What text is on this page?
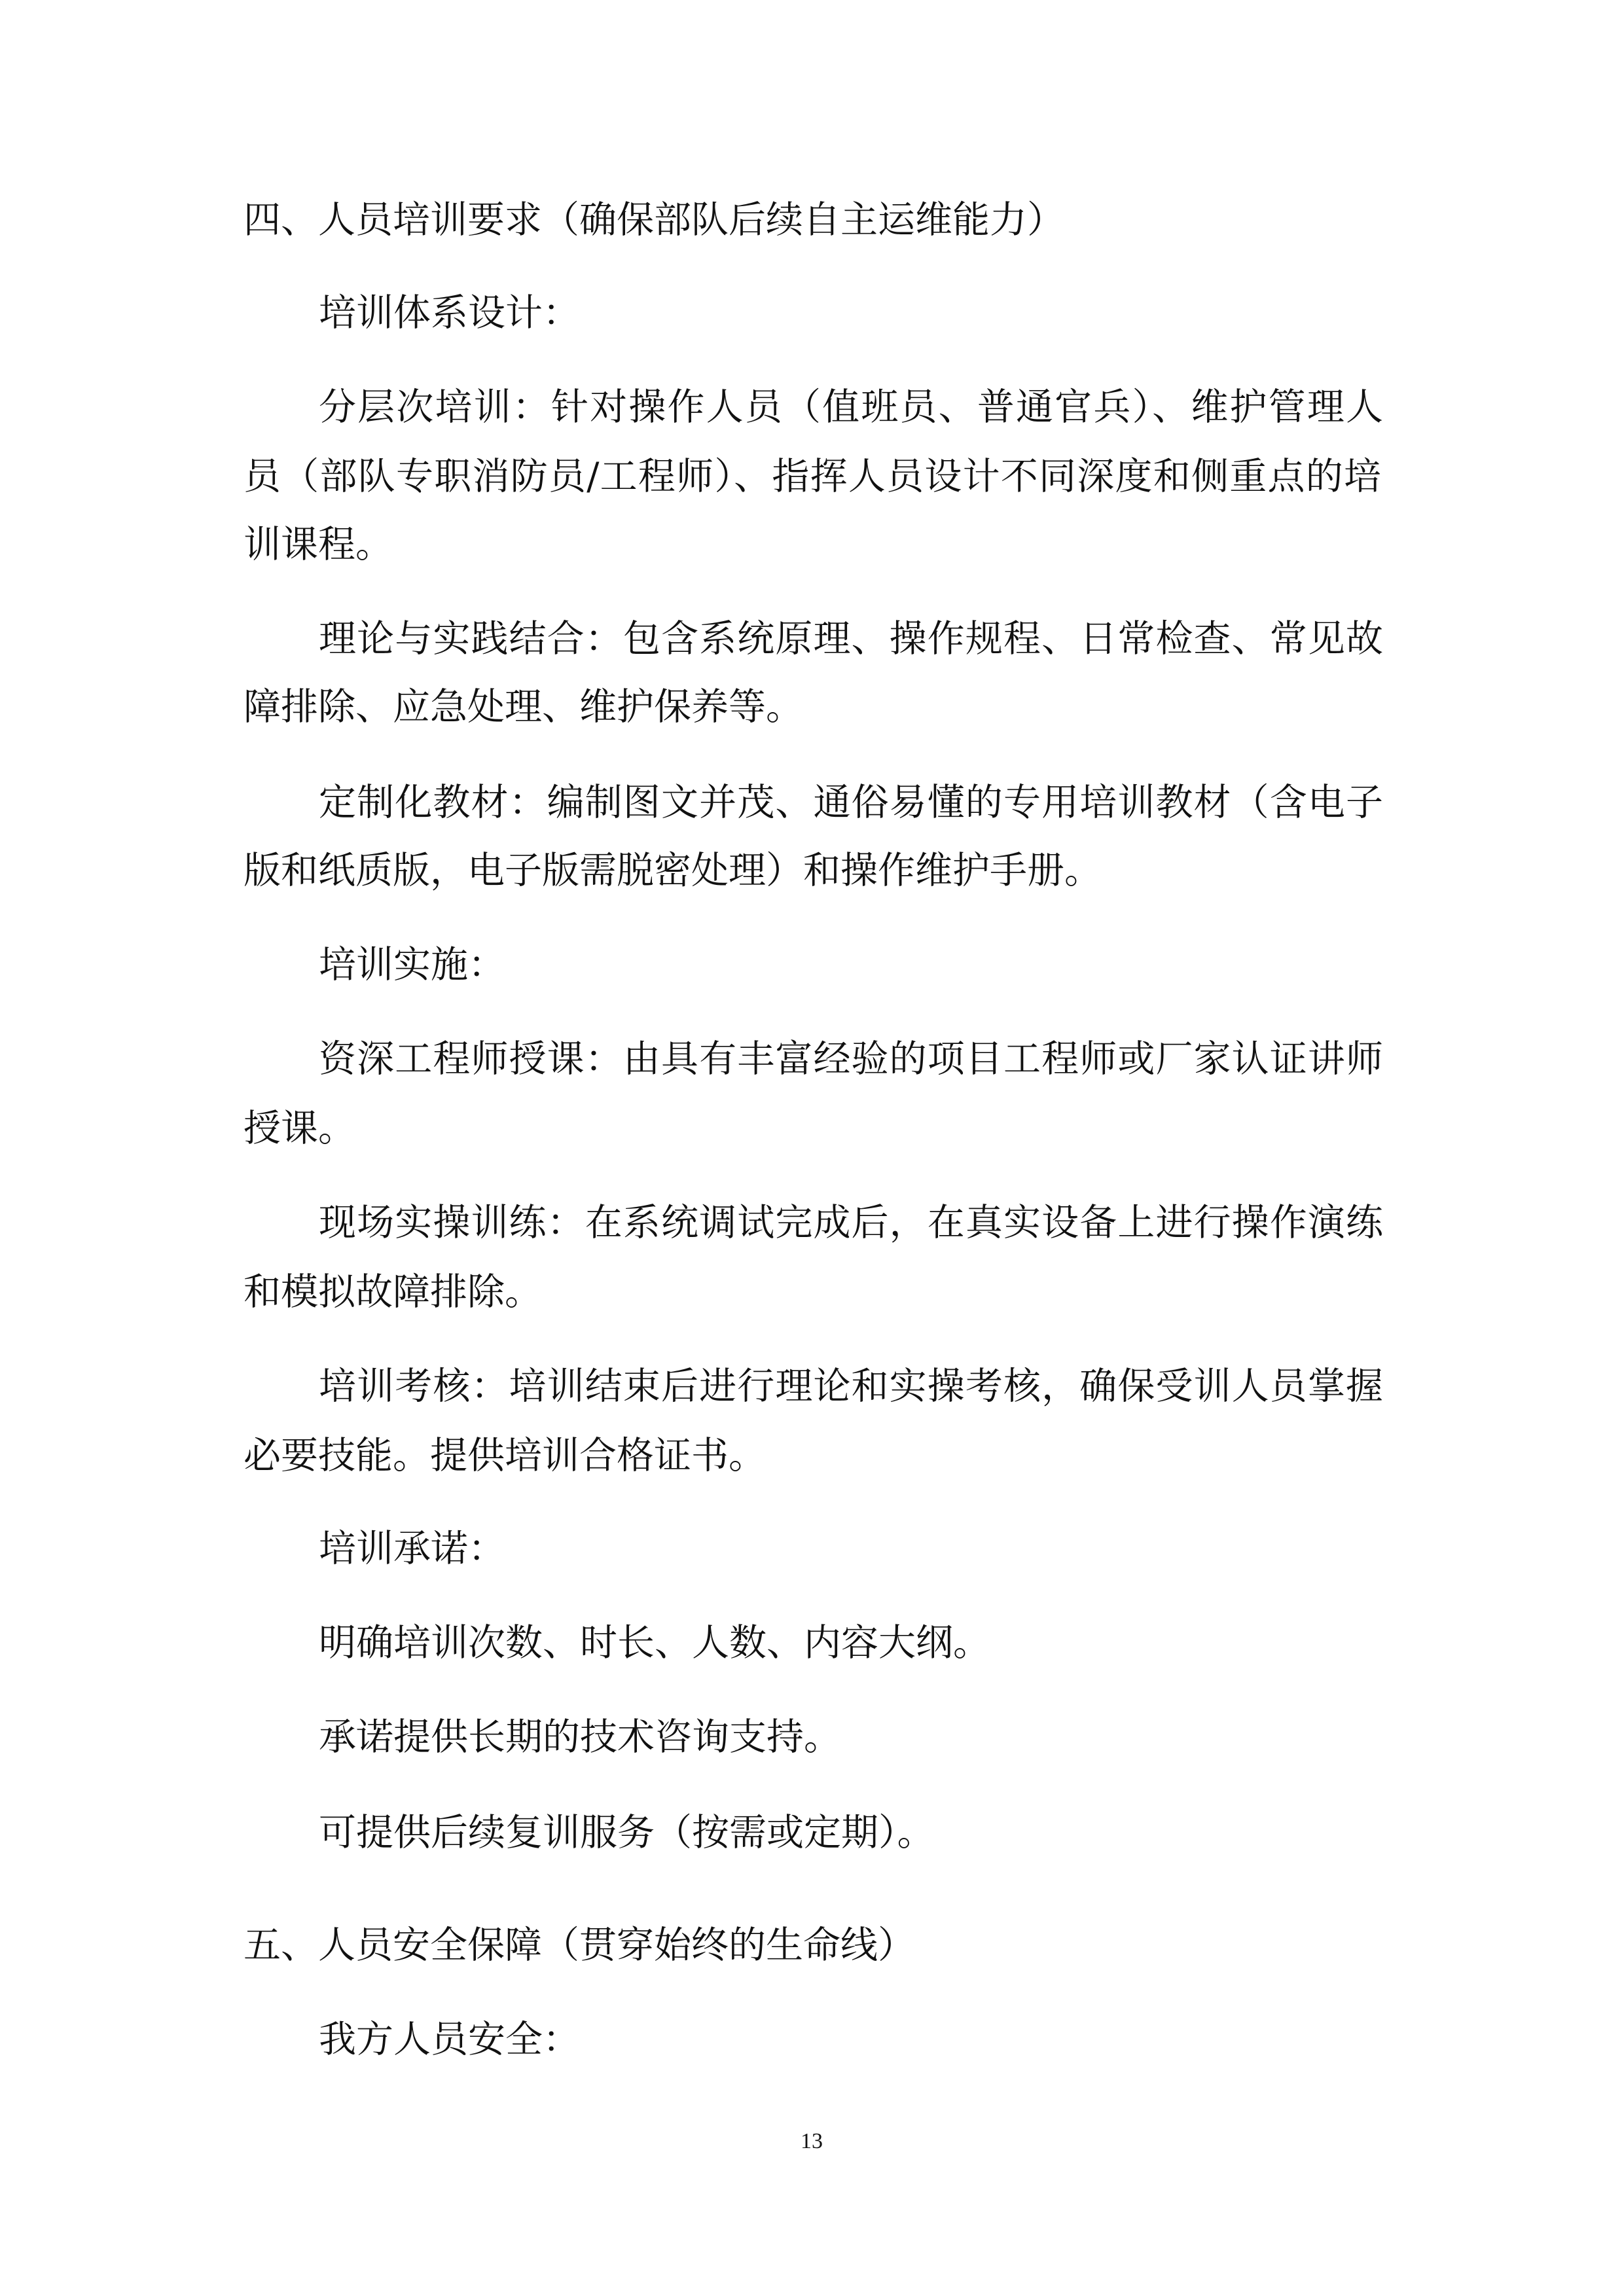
四、人员培训要求（确保部队后续自主运维能力）
培训体系设计：
分层次培训：针对操作人员（值班员、普通官兵）、维护管理人
员（部队专职消防员/工程师）、指挥人员设计不同深度和侧重点的培
训课程。
理论与实践结合：包含系统原理、操作规程、日常检查、常见故
障排除、应急处理、维护保养等。
定制化教材：编制图文并茂、通俗易懂的专用培训教材（含电子
版和纸质版，电子版需脱密处理）和操作维护手册。
培训实施：
资深工程师授课：由具有丰富经验的项目工程师或厂家认证讲师
授课。
现场实操训练：在系统调试完成后，在真实设备上进行操作演练
和模拟故障排除。
培训考核：培训结束后进行理论和实操考核，确保受训人员掌握
必要技能。提供培训合格证书。
培训承诺：
明确培训次数、时长、人数、内容大纲。
承诺提供长期的技术咨询支持。
可提供后续复训服务（按需或定期）。
五、人员安全保障（贯穿始终的生命线）
我方人员安全：
13
